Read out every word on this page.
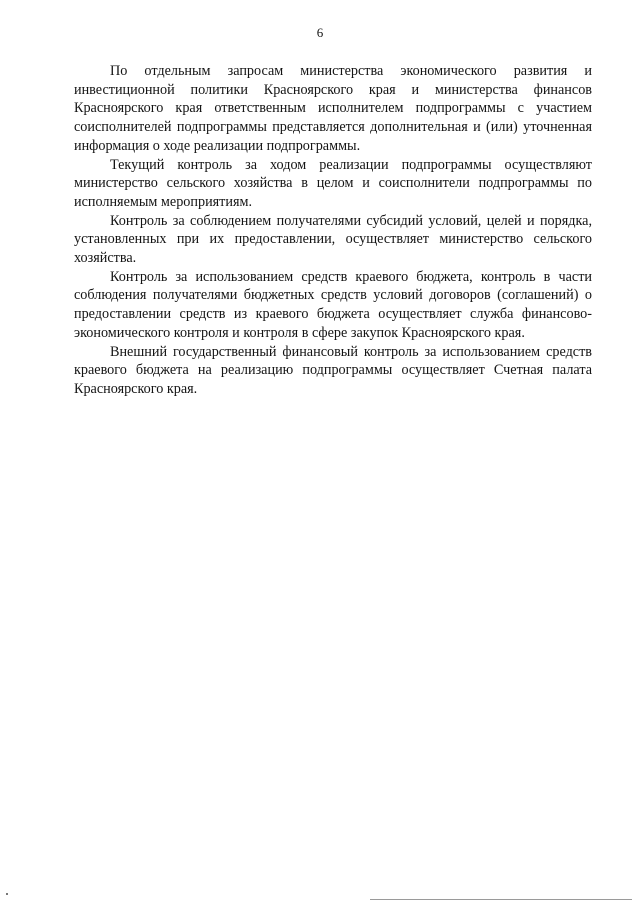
6

По отдельным запросам министерства экономического развития и инвестиционной политики Красноярского края и министерства финансов Красноярского края ответственным исполнителем подпрограммы с участием соисполнителей подпрограммы представляется дополнительная и (или) уточненная информация о ходе реализации подпрограммы.

Текущий контроль за ходом реализации подпрограммы осуществляют министерство сельского хозяйства в целом и соисполнители подпрограммы по исполняемым мероприятиям.

Контроль за соблюдением получателями субсидий условий, целей и порядка, установленных при их предоставлении, осуществляет министерство сельского хозяйства.

Контроль за использованием средств краевого бюджета, контроль в части соблюдения получателями бюджетных средств условий договоров (соглашений) о предоставлении средств из краевого бюджета осуществляет служба финансово-экономического контроля и контроля в сфере закупок Красноярского края.

Внешний государственный финансовый контроль за использованием средств краевого бюджета на реализацию подпрограммы осуществляет Счетная палата Красноярского края.
